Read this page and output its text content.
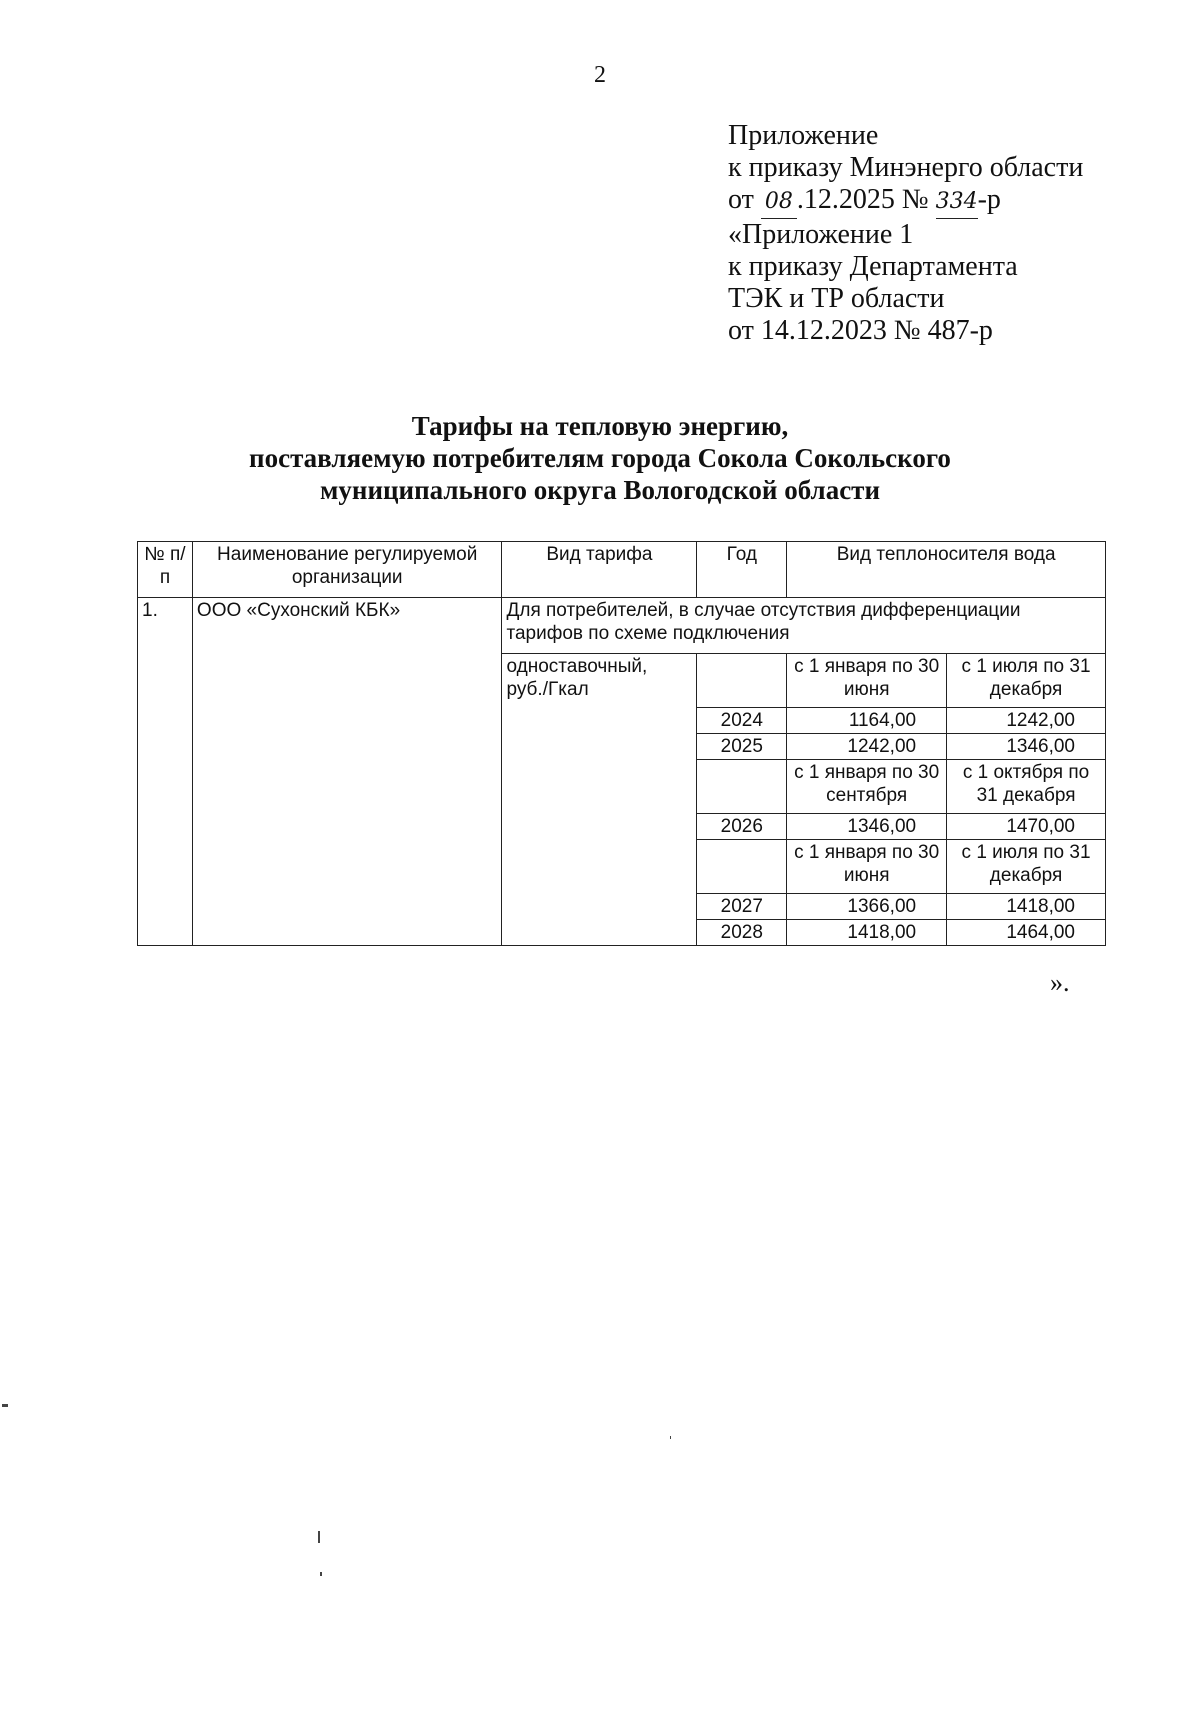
2
Приложение
к приказу Минэнерго области
от 08 .12.2025 № 334-р
«Приложение 1
к приказу Департамента
ТЭК и ТР области
от 14.12.2023 № 487-р
Тарифы на тепловую энергию,
поставляемую потребителям города Сокола Сокольского
муниципального округа Вологодской области
№ п/п	Наименование регулируемой организации	Вид тарифа	Год	Вид теплоносителя вода	
1.	ООО «Сухонский КБК»	Для потребителей, в случае отсутствия дифференциации тарифов по схеме подключения			
		одноставочный, руб./Гкал		с 1 января по 30 июня	с 1 июля по 31 декабря
			2024	1164,00	1242,00
			2025	1242,00	1346,00
				с 1 января по 30 сентября	с 1 октября по 31 декабря
			2026	1346,00	1470,00
				с 1 января по 30 июня	с 1 июля по 31 декабря
			2027	1366,00	1418,00
			2028	1418,00	1464,00
».
